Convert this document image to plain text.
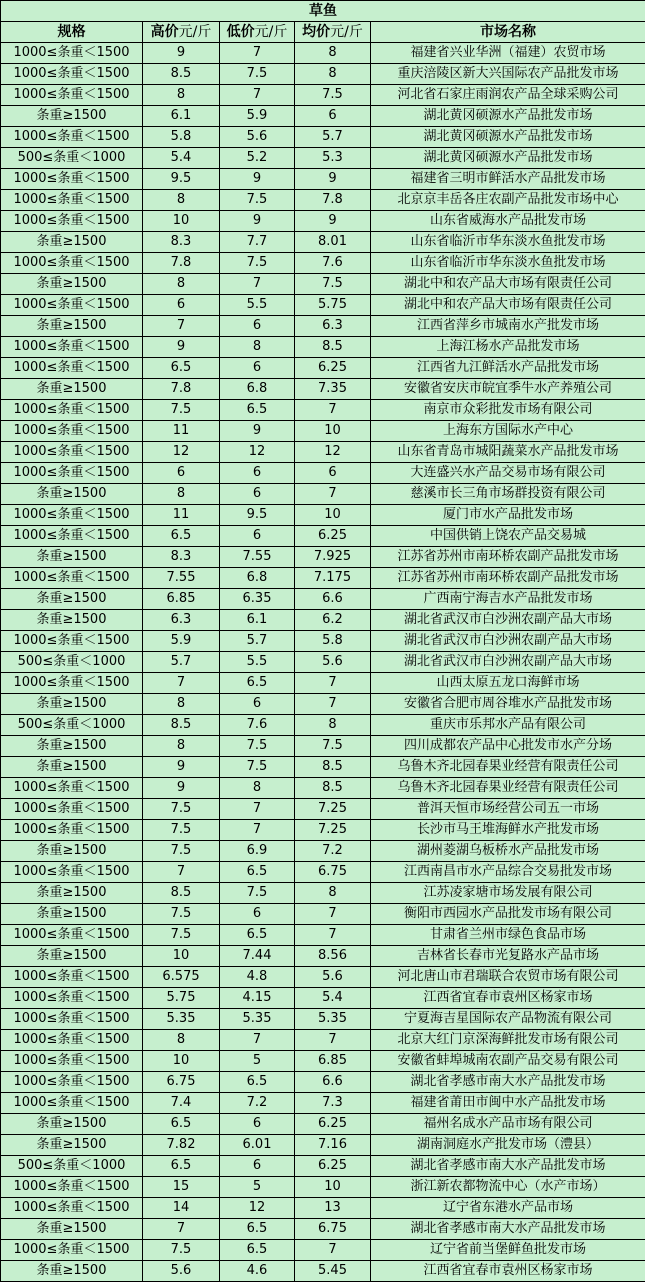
草鱼				
规格	高价元/斤	低价元/斤	均价元/斤	市场名称
1000≤条重＜1500	9	7	8	福建省兴业华洲（福建）农贸市场
1000≤条重＜1500	8.5	7.5	8	重庆涪陵区新大兴国际农产品批发市场
1000≤条重＜1500	8	7	7.5	河北省石家庄雨润农产品全球采购公司
条重≥1500	6.1	5.9	6	湖北黄冈硕源水产品批发市场
1000≤条重＜1500	5.8	5.6	5.7	湖北黄冈硕源水产品批发市场
500≤条重＜1000	5.4	5.2	5.3	湖北黄冈硕源水产品批发市场
1000≤条重＜1500	9.5	9	9	福建省三明市鲜活水产品批发市场
1000≤条重＜1500	8	7.5	7.8	北京京丰岳各庄农副产品批发市场中心
1000≤条重＜1500	10	9	9	山东省威海水产品批发市场
条重≥1500	8.3	7.7	8.01	山东省临沂市华东淡水鱼批发市场
1000≤条重＜1500	7.8	7.5	7.6	山东省临沂市华东淡水鱼批发市场
条重≥1500	8	7	7.5	湖北中和农产品大市场有限责任公司
1000≤条重＜1500	6	5.5	5.75	湖北中和农产品大市场有限责任公司
条重≥1500	7	6	6.3	江西省萍乡市城南水产批发市场
1000≤条重＜1500	9	8	8.5	上海江杨水产品批发市场
1000≤条重＜1500	6.5	6	6.25	江西省九江鲜活水产品批发市场
条重≥1500	7.8	6.8	7.35	安徽省安庆市皖宜季牛水产养殖公司
1000≤条重＜1500	7.5	6.5	7	南京市众彩批发市场有限公司
1000≤条重＜1500	11	9	10	上海东方国际水产中心
1000≤条重＜1500	12	12	12	山东省青岛市城阳蔬菜水产品批发市场
1000≤条重＜1500	6	6	6	大连盛兴水产品交易市场有限公司
条重≥1500	8	6	7	慈溪市长三角市场群投资有限公司
1000≤条重＜1500	11	9.5	10	厦门市水产品批发市场
1000≤条重＜1500	6.5	6	6.25	中国供销上饶农产品交易城
条重≥1500	8.3	7.55	7.925	江苏省苏州市南环桥农副产品批发市场
1000≤条重＜1500	7.55	6.8	7.175	江苏省苏州市南环桥农副产品批发市场
条重≥1500	6.85	6.35	6.6	广西南宁海吉水产品批发市场
条重≥1500	6.3	6.1	6.2	湖北省武汉市白沙洲农副产品大市场
1000≤条重＜1500	5.9	5.7	5.8	湖北省武汉市白沙洲农副产品大市场
500≤条重＜1000	5.7	5.5	5.6	湖北省武汉市白沙洲农副产品大市场
1000≤条重＜1500	7	6.5	7	山西太原五龙口海鲜市场
条重≥1500	8	6	7	安徽省合肥市周谷堆水产品批发市场
500≤条重＜1000	8.5	7.6	8	重庆市乐邦水产品有限公司
条重≥1500	8	7.5	7.5	四川成都农产品中心批发市水产分场
条重≥1500	9	7.5	8.5	乌鲁木齐北园春果业经营有限责任公司
1000≤条重＜1500	9	8	8.5	乌鲁木齐北园春果业经营有限责任公司
1000≤条重＜1500	7.5	7	7.25	普洱天恒市场经营公司五一市场
1000≤条重＜1500	7.5	7	7.25	长沙市马王堆海鲜水产批发市场
条重≥1500	7.5	6.9	7.2	湖州菱湖乌板桥水产品批发市场
1000≤条重＜1500	7	6.5	6.75	江西南昌市水产品综合交易批发市场
条重≥1500	8.5	7.5	8	江苏凌家塘市场发展有限公司
条重≥1500	7.5	6	7	衡阳市西园水产品批发市场有限公司
1000≤条重＜1500	7.5	6.5	7	甘肃省兰州市绿色食品市场
条重≥1500	10	7.44	8.56	吉林省长春市光复路水产品市场
1000≤条重＜1500	6.575	4.8	5.6	河北唐山市君瑞联合农贸市场有限公司
1000≤条重＜1500	5.75	4.15	5.4	江西省宜春市袁州区杨家市场
1000≤条重＜1500	5.35	5.35	5.35	宁夏海吉星国际农产品物流有限公司
1000≤条重＜1500	8	7	7	北京大红门京深海鲜批发市场有限公司
1000≤条重＜1500	10	5	6.85	安徽省蚌埠城南农副产品交易有限公司
1000≤条重＜1500	6.75	6.5	6.6	湖北省孝感市南大水产品批发市场
1000≤条重＜1500	7.4	7.2	7.3	福建省莆田市闽中水产品批发市场
条重≥1500	6.5	6	6.25	福州名成水产品市场有限公司
条重≥1500	7.82	6.01	7.16	湖南洞庭水产批发市场（澧县）
500≤条重＜1000	6.5	6	6.25	湖北省孝感市南大水产品批发市场
1000≤条重＜1500	15	5	10	浙江新农都物流中心（水产市场）
1000≤条重＜1500	14	12	13	辽宁省东港水产品市场
条重≥1500	7	6.5	6.75	湖北省孝感市南大水产品批发市场
1000≤条重＜1500	7.5	6.5	7	辽宁省前当堡鲜鱼批发市场
条重≥1500	5.6	4.6	5.45	江西省宜春市袁州区杨家市场
